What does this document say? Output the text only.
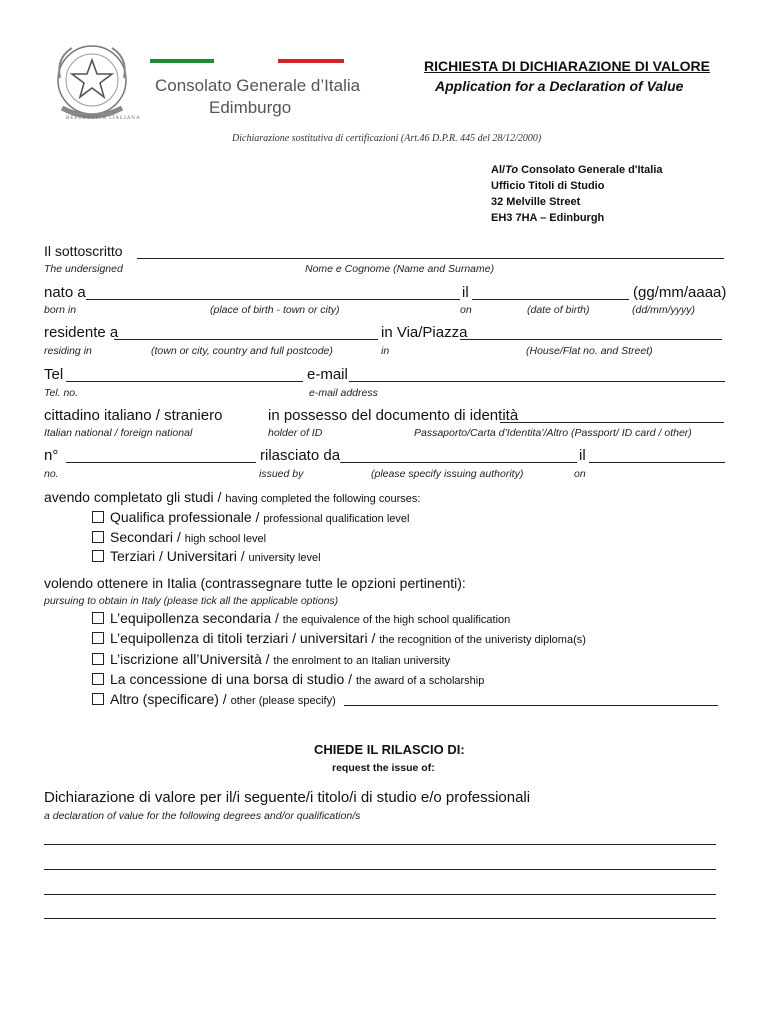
REPUBBLICA ITALIANA
Consolato Generale d’Italia
Edimburgo
RICHIESTA DI DICHIARAZIONE DI VALORE
Application for a Declaration of Value
Dichiarazione sostitutiva di certificazioni (Art.46 D.P.R. 445 del 28/12/2000)
Al/To Consolato Generale d'Italia
Ufficio Titoli di Studio
32 Melville Street
EH3 7HA – Edinburgh
Il sottoscritto
The undersigned	Nome e Cognome (Name and Surname)
nato a	il	(gg/mm/aaaa)
born in	(place of birth - town or city)	on	(date of birth)	(dd/mm/yyyy)
residente a	in Via/Piazza
residing in	(town or city, country and full postcode)	in	(House/Flat no. and Street)
Tel	e-mail
Tel. no.	e-mail address
cittadino italiano / straniero	in possesso del documento di identità
Italian national / foreign national	holder of ID	Passaporto/Carta d’Identita’/Altro (Passport/ ID card / other)
n°	rilasciato da	il
no.	issued by	(please specify issuing authority)	on
avendo completato gli studi / having completed the following courses:
Qualifica professionale / professional qualification level
Secondari / high school level
Terziari / Universitari / university level
volendo ottenere in Italia (contrassegnare tutte le opzioni pertinenti):
pursuing to obtain in Italy (please tick all the applicable options)
L’equipollenza secondaria / the equivalence of the high school qualification
L’equipollenza di titoli terziari / universitari / the recognition of the univeristy diploma(s)
L’iscrizione all’Università / the enrolment to an Italian university
La concessione di una borsa di studio / the award of a scholarship
Altro (specificare) / other (please specify)
CHIEDE IL RILASCIO DI:
request the issue of:
Dichiarazione di valore per il/i seguente/i titolo/i di studio e/o professionali
a declaration of value for the following degrees and/or qualification/s
